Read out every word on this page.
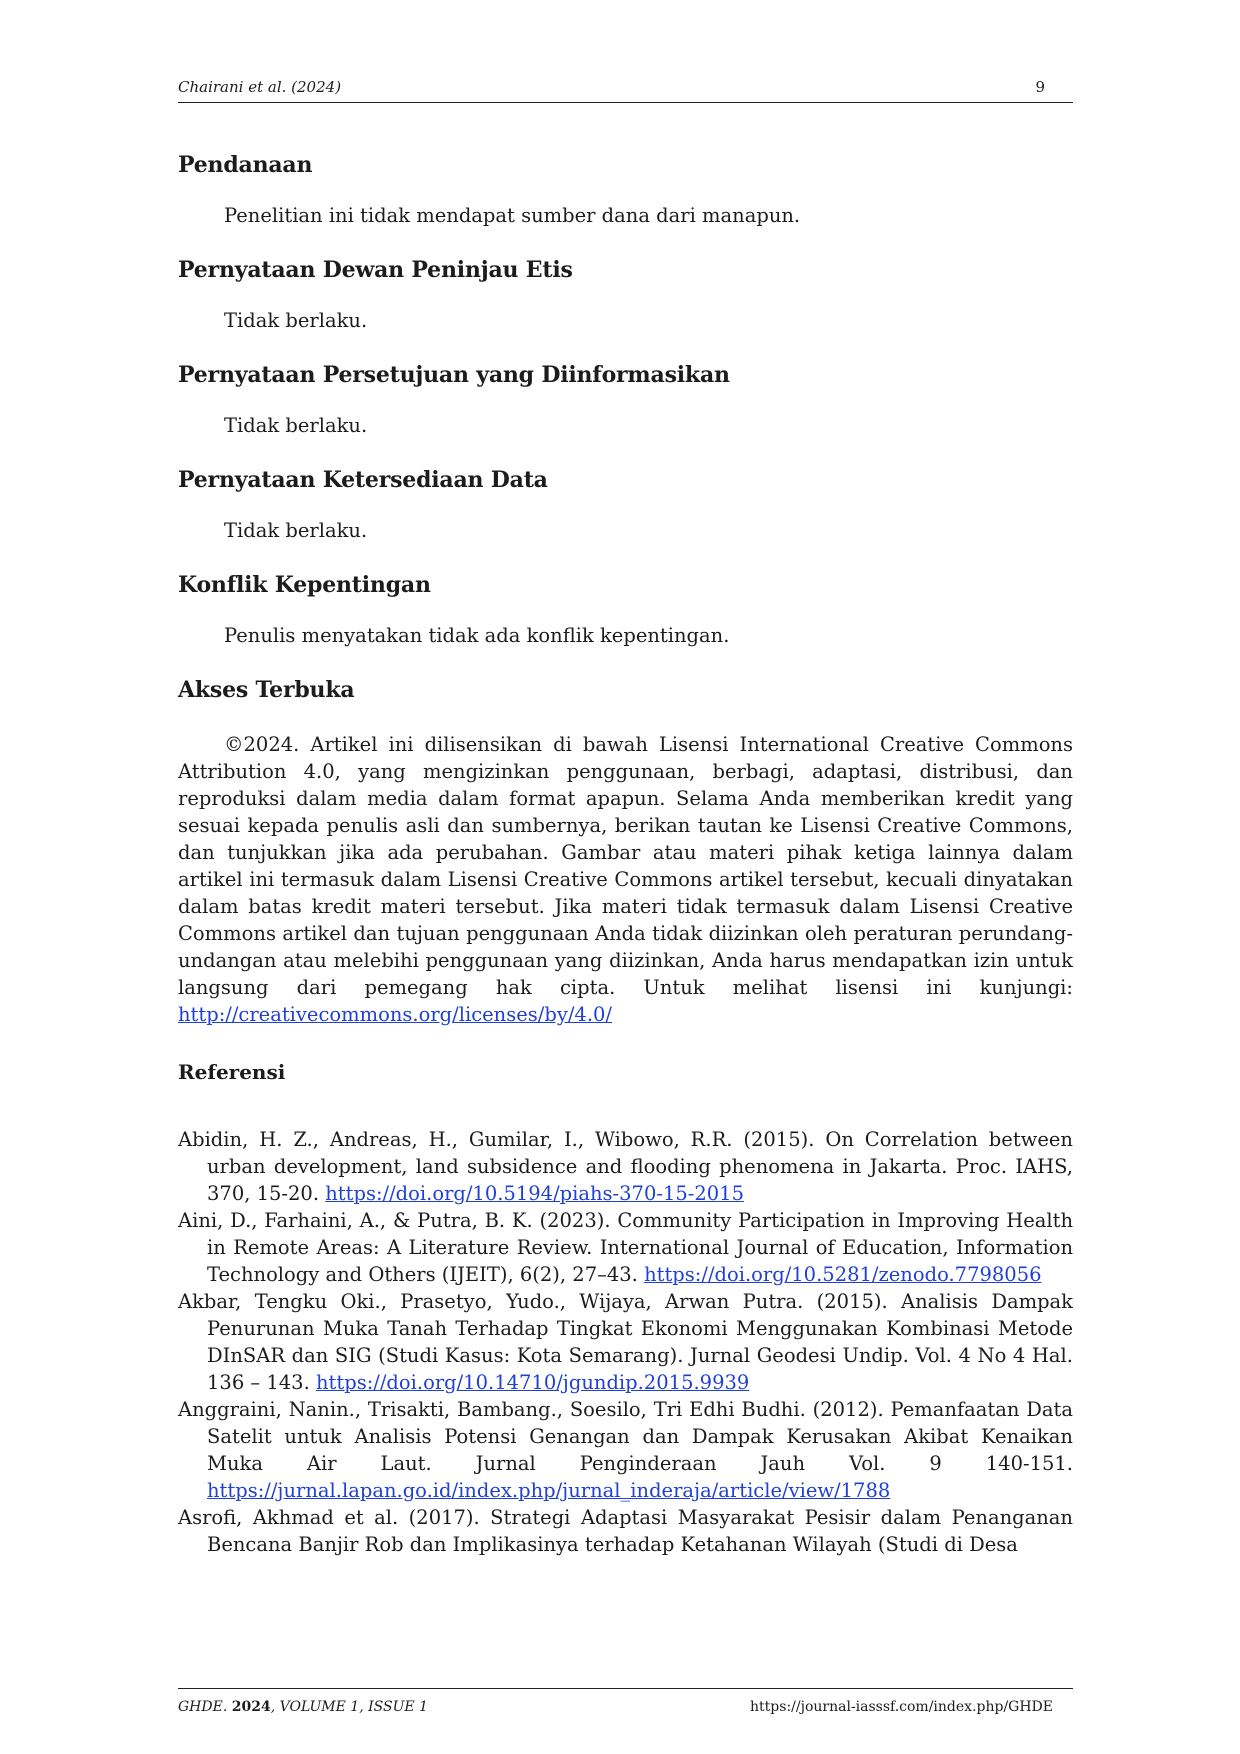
Chairani et al. (2024)	9
Pendanaan

Penelitian ini tidak mendapat sumber dana dari manapun.

Pernyataan Dewan Peninjau Etis

Tidak berlaku.

Pernyataan Persetujuan yang Diinformasikan

Tidak berlaku.

Pernyataan Ketersediaan Data

Tidak berlaku.

Konflik Kepentingan

Penulis menyatakan tidak ada konflik kepentingan.

Akses Terbuka

©2024. Artikel ini dilisensikan di bawah Lisensi International Creative Commons Attribution 4.0, yang mengizinkan penggunaan, berbagi, adaptasi, distribusi, dan reproduksi dalam media dalam format apapun. Selama Anda memberikan kredit yang sesuai kepada penulis asli dan sumbernya, berikan tautan ke Lisensi Creative Commons, dan tunjukkan jika ada perubahan. Gambar atau materi pihak ketiga lainnya dalam artikel ini termasuk dalam Lisensi Creative Commons artikel tersebut, kecuali dinyatakan dalam batas kredit materi tersebut. Jika materi tidak termasuk dalam Lisensi Creative Commons artikel dan tujuan penggunaan Anda tidak diizinkan oleh peraturan perundang-undangan atau melebihi penggunaan yang diizinkan, Anda harus mendapatkan izin untuk langsung dari pemegang hak cipta. Untuk melihat lisensi ini kunjungi: http://creativecommons.org/licenses/by/4.0/

Referensi

Abidin, H. Z., Andreas, H., Gumilar, I., Wibowo, R.R. (2015). On Correlation between urban development, land subsidence and flooding phenomena in Jakarta. Proc. IAHS, 370, 15-20. https://doi.org/10.5194/piahs-370-15-2015

Aini, D., Farhaini, A., & Putra, B. K. (2023). Community Participation in Improving Health in Remote Areas: A Literature Review. International Journal of Education, Information Technology and Others (IJEIT), 6(2), 27–43. https://doi.org/10.5281/zenodo.7798056

Akbar, Tengku Oki., Prasetyo, Yudo., Wijaya, Arwan Putra. (2015). Analisis Dampak Penurunan Muka Tanah Terhadap Tingkat Ekonomi Menggunakan Kombinasi Metode DInSAR dan SIG (Studi Kasus: Kota Semarang). Jurnal Geodesi Undip. Vol. 4 No 4 Hal. 136 – 143. https://doi.org/10.14710/jgundip.2015.9939

Anggraini, Nanin., Trisakti, Bambang., Soesilo, Tri Edhi Budhi. (2012). Pemanfaatan Data Satelit untuk Analisis Potensi Genangan dan Dampak Kerusakan Akibat Kenaikan Muka Air Laut. Jurnal Penginderaan Jauh Vol. 9 140-151. https://jurnal.lapan.go.id/index.php/jurnal_inderaja/article/view/1788

Asrofi, Akhmad et al. (2017). Strategi Adaptasi Masyarakat Pesisir dalam Penanganan Bencana Banjir Rob dan Implikasinya terhadap Ketahanan Wilayah (Studi di Desa

GHDE. 2024, VOLUME 1, ISSUE 1	https://journal-iasssf.com/index.php/GHDE
